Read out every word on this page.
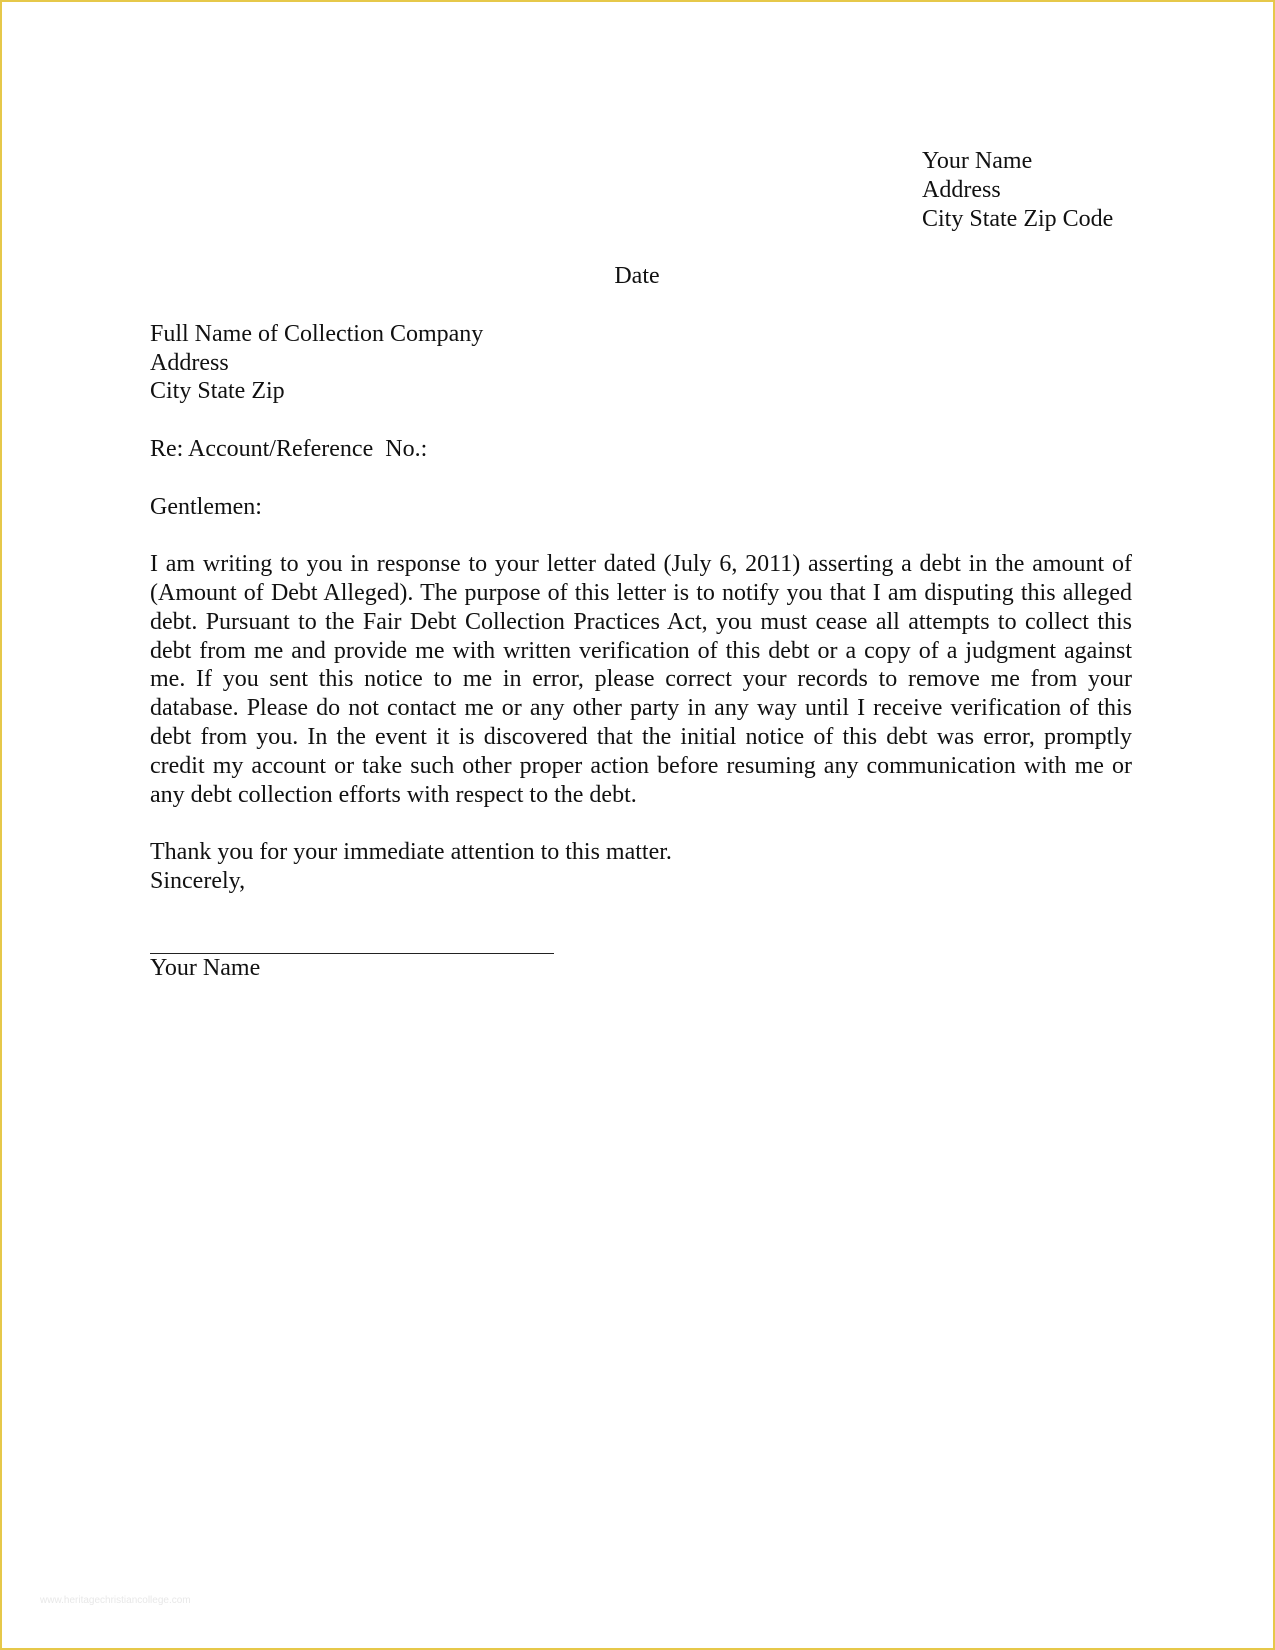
Your Name
Address
City State Zip Code
Date
Full Name of Collection Company
Address
City State Zip
Re: Account/Reference  No.:
Gentlemen:
I am writing to you in response to your letter dated (July 6, 2011) asserting a debt in the amount of (Amount of Debt Alleged). The purpose of this letter is to notify you that I am disputing this alleged debt. Pursuant to the Fair Debt Collection Practices Act, you must cease all attempts to collect this debt from me and provide me with written verification of this debt or a copy of a judgment against me. If you sent this notice to me in error, please correct your records to remove me from your database. Please do not contact me or any other party in any way until I receive verification of this debt from you. In the event it is discovered that the initial notice of this debt was error, promptly credit my account or take such other proper action before resuming any communication with me or any debt collection efforts with respect to the debt.
Thank you for your immediate attention to this matter.
Sincerely,
Your Name
www.heritagechristiancollege.com
